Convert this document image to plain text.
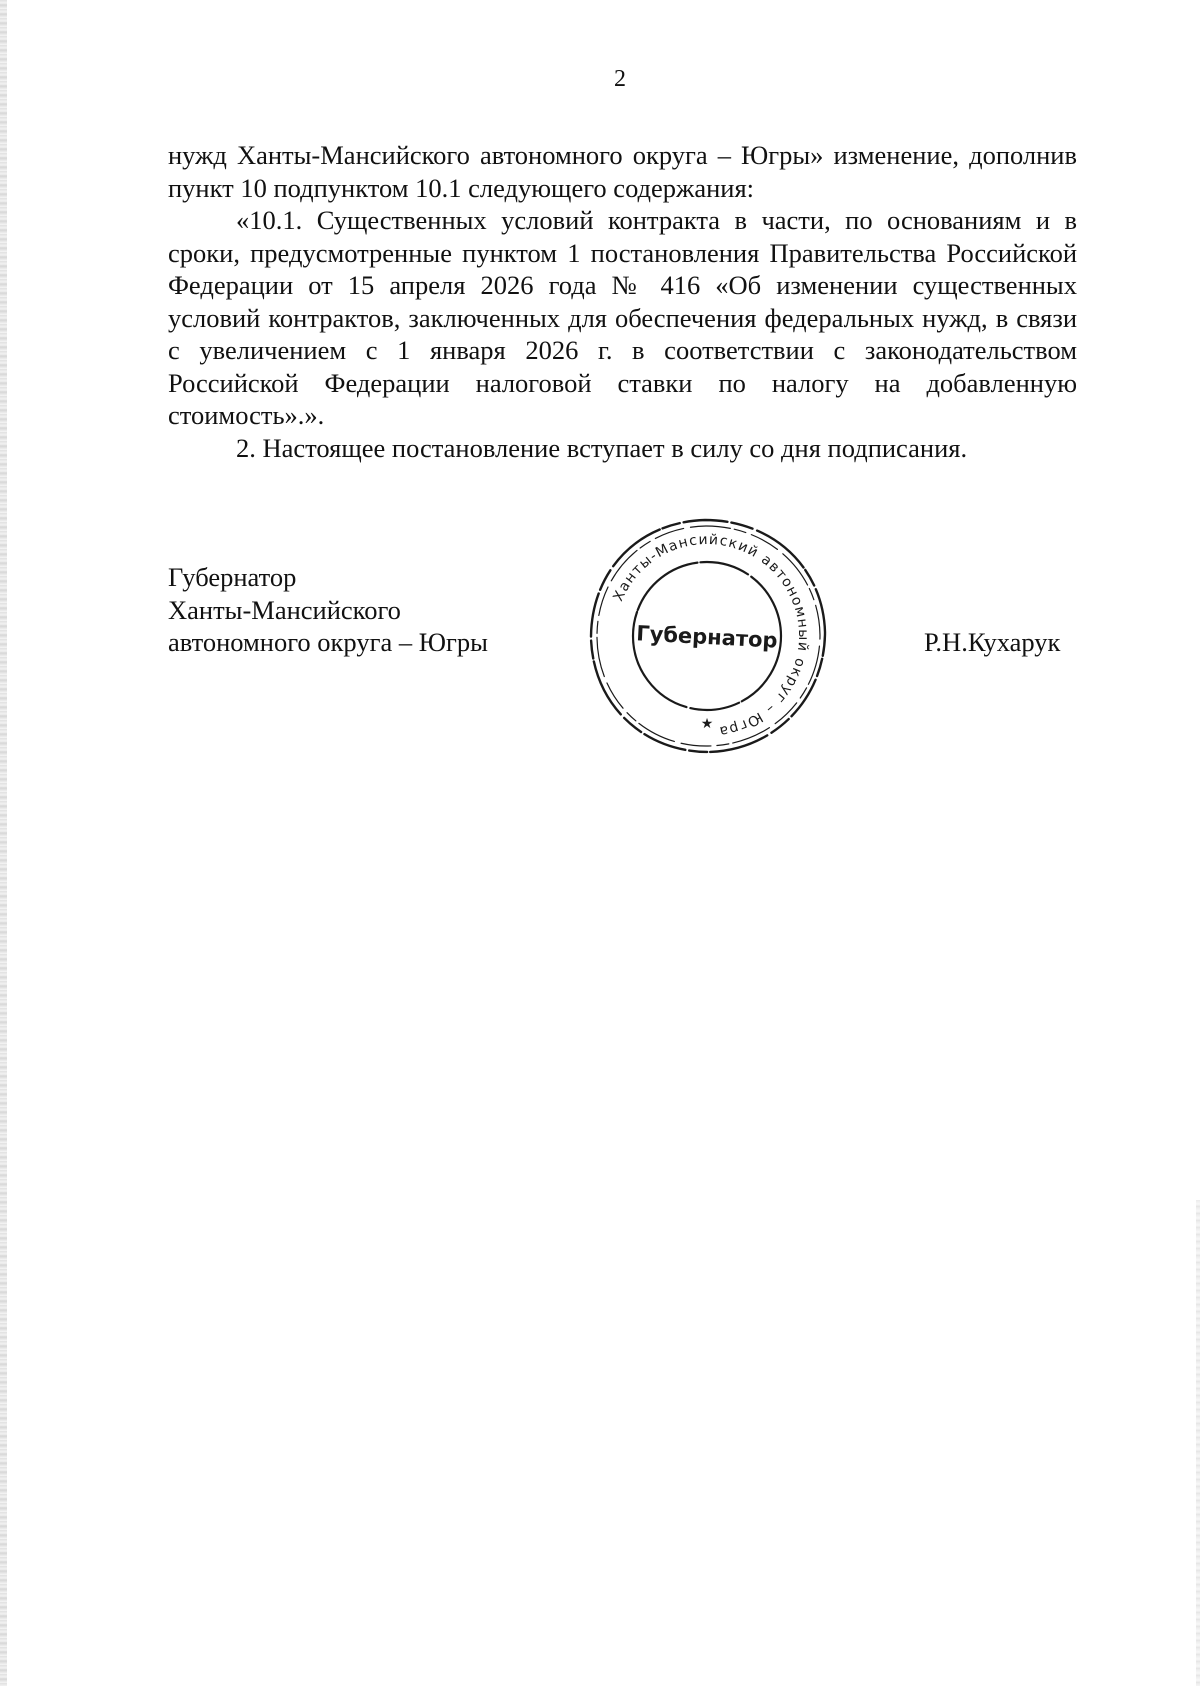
2

нужд Ханты-Мансийского автономного округа – Югры» изменение, дополнив пункт 10 подпунктом 10.1 следующего содержания:

«10.1. Существенных условий контракта в части, по основаниям и в сроки, предусмотренные пунктом 1 постановления Правительства Российской Федерации от 15 апреля 2026 года № 416 «Об изменении существенных условий контрактов, заключенных для обеспечения федеральных нужд, в связи с увеличением с 1 января 2026 г. в соответствии с законодательством Российской Федерации налоговой ставки по налогу на добавленную стоимость».».

2. Настоящее постановление вступает в силу со дня подписания.

Губернатор
Ханты-Мансийского
автономного округа – Югры
Ханты-Мансийский автономный округ – Югра
Губернатор
★
Р.Н.Кухарук
